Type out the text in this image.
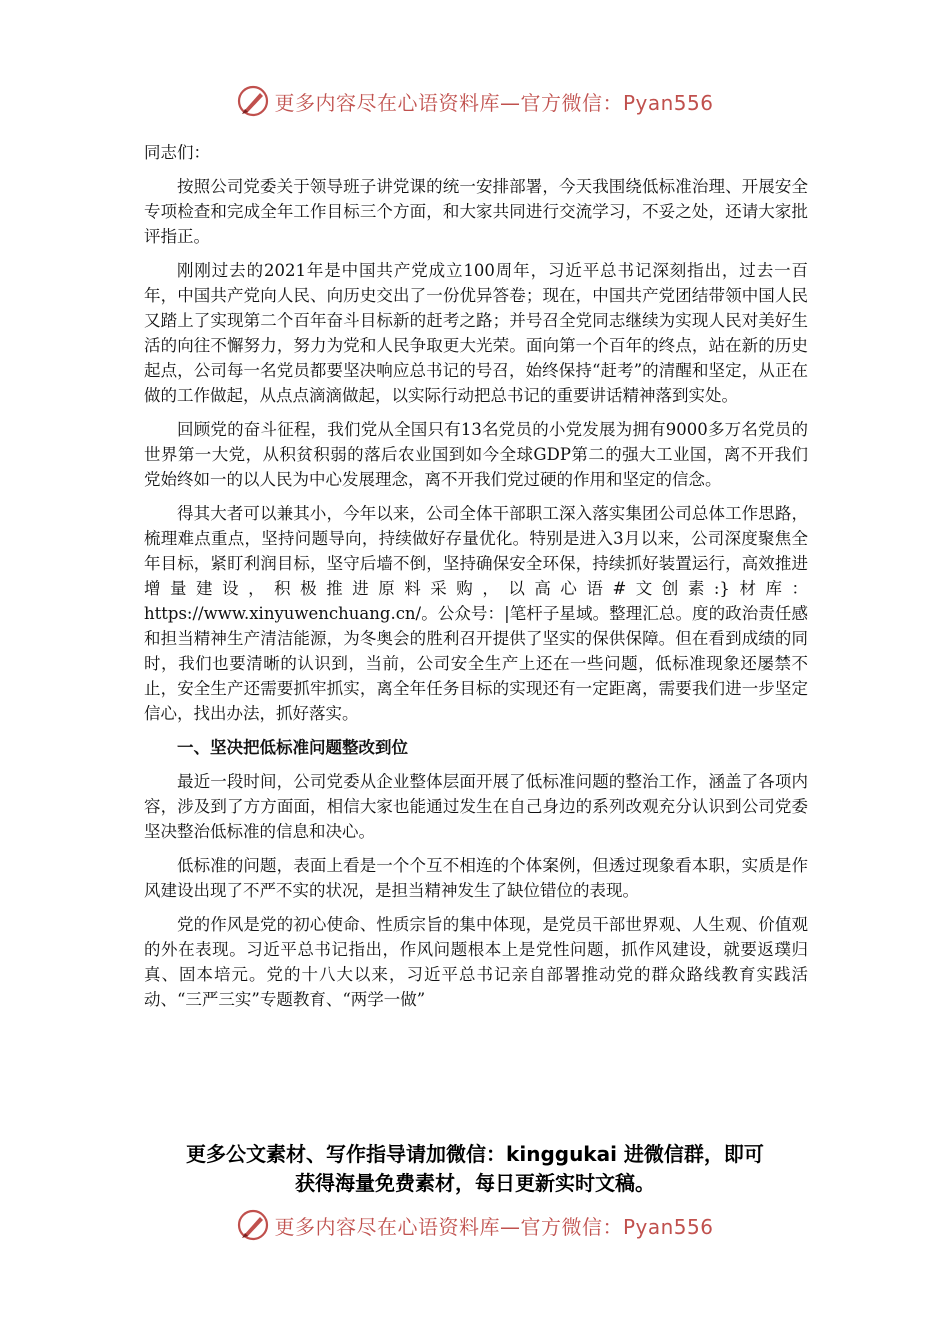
更多内容尽在心语资料库—官方微信：Pyan556

同志们：

按照公司党委关于领导班子讲党课的统一安排部署，今天我围绕低标准治理、开展安全专项检查和完成全年工作目标三个方面，和大家共同进行交流学习，不妥之处，还请大家批评指正。

刚刚过去的2021年是中国共产党成立100周年，习近平总书记深刻指出，过去一百年，中国共产党向人民、向历史交出了一份优异答卷；现在，中国共产党团结带领中国人民又踏上了实现第二个百年奋斗目标新的赶考之路；并号召全党同志继续为实现人民对美好生活的向往不懈努力，努力为党和人民争取更大光荣。面向第一个百年的终点，站在新的历史起点，公司每一名党员都要坚决响应总书记的号召，始终保持“赶考”的清醒和坚定，从正在做的工作做起，从点点滴滴做起，以实际行动把总书记的重要讲话精神落到实处。

回顾党的奋斗征程，我们党从全国只有13名党员的小党发展为拥有9000多万名党员的世界第一大党，从积贫积弱的落后农业国到如今全球GDP第二的强大工业国，离不开我们党始终如一的以人民为中心发展理念，离不开我们党过硬的作用和坚定的信念。

得其大者可以兼其小，今年以来，公司全体干部职工深入落实集团公司总体工作思路，梳理难点重点，坚持问题导向，持续做好存量优化。特别是进入3月以来，公司深度聚焦全年目标，紧盯利润目标，坚守后墙不倒，坚持确保安全环保，持续抓好装置运行，高效推进增量建设，积极推进原料采购，以高心语#文创素:}材库：https://www.xinyuwenchuang.cn/。公众号：|笔杆子星域。整理汇总。度的政治责任感和担当精神生产清洁能源，为冬奥会的胜利召开提供了坚实的保供保障。但在看到成绩的同时，我们也要清晰的认识到，当前，公司安全生产上还在一些问题，低标准现象还屡禁不止，安全生产还需要抓牢抓实，离全年任务目标的实现还有一定距离，需要我们进一步坚定信心，找出办法，抓好落实。

一、坚决把低标准问题整改到位

最近一段时间，公司党委从企业整体层面开展了低标准问题的整治工作，涵盖了各项内容，涉及到了方方面面，相信大家也能通过发生在自己身边的系列改观充分认识到公司党委坚决整治低标准的信息和决心。

低标准的问题，表面上看是一个个互不相连的个体案例，但透过现象看本职，实质是作风建设出现了不严不实的状况，是担当精神发生了缺位错位的表现。

党的作风是党的初心使命、性质宗旨的集中体现，是党员干部世界观、人生观、价值观的外在表现。习近平总书记指出，作风问题根本上是党性问题，抓作风建设，就要返璞归真、固本培元。党的十八大以来，习近平总书记亲自部署推动党的群众路线教育实践活动、“三严三实”专题教育、“两学一做”

更多公文素材、写作指导请加微信：kinggukai 进微信群，即可
获得海量免费素材，每日更新实时文稿。
更多内容尽在心语资料库—官方微信：Pyan556
